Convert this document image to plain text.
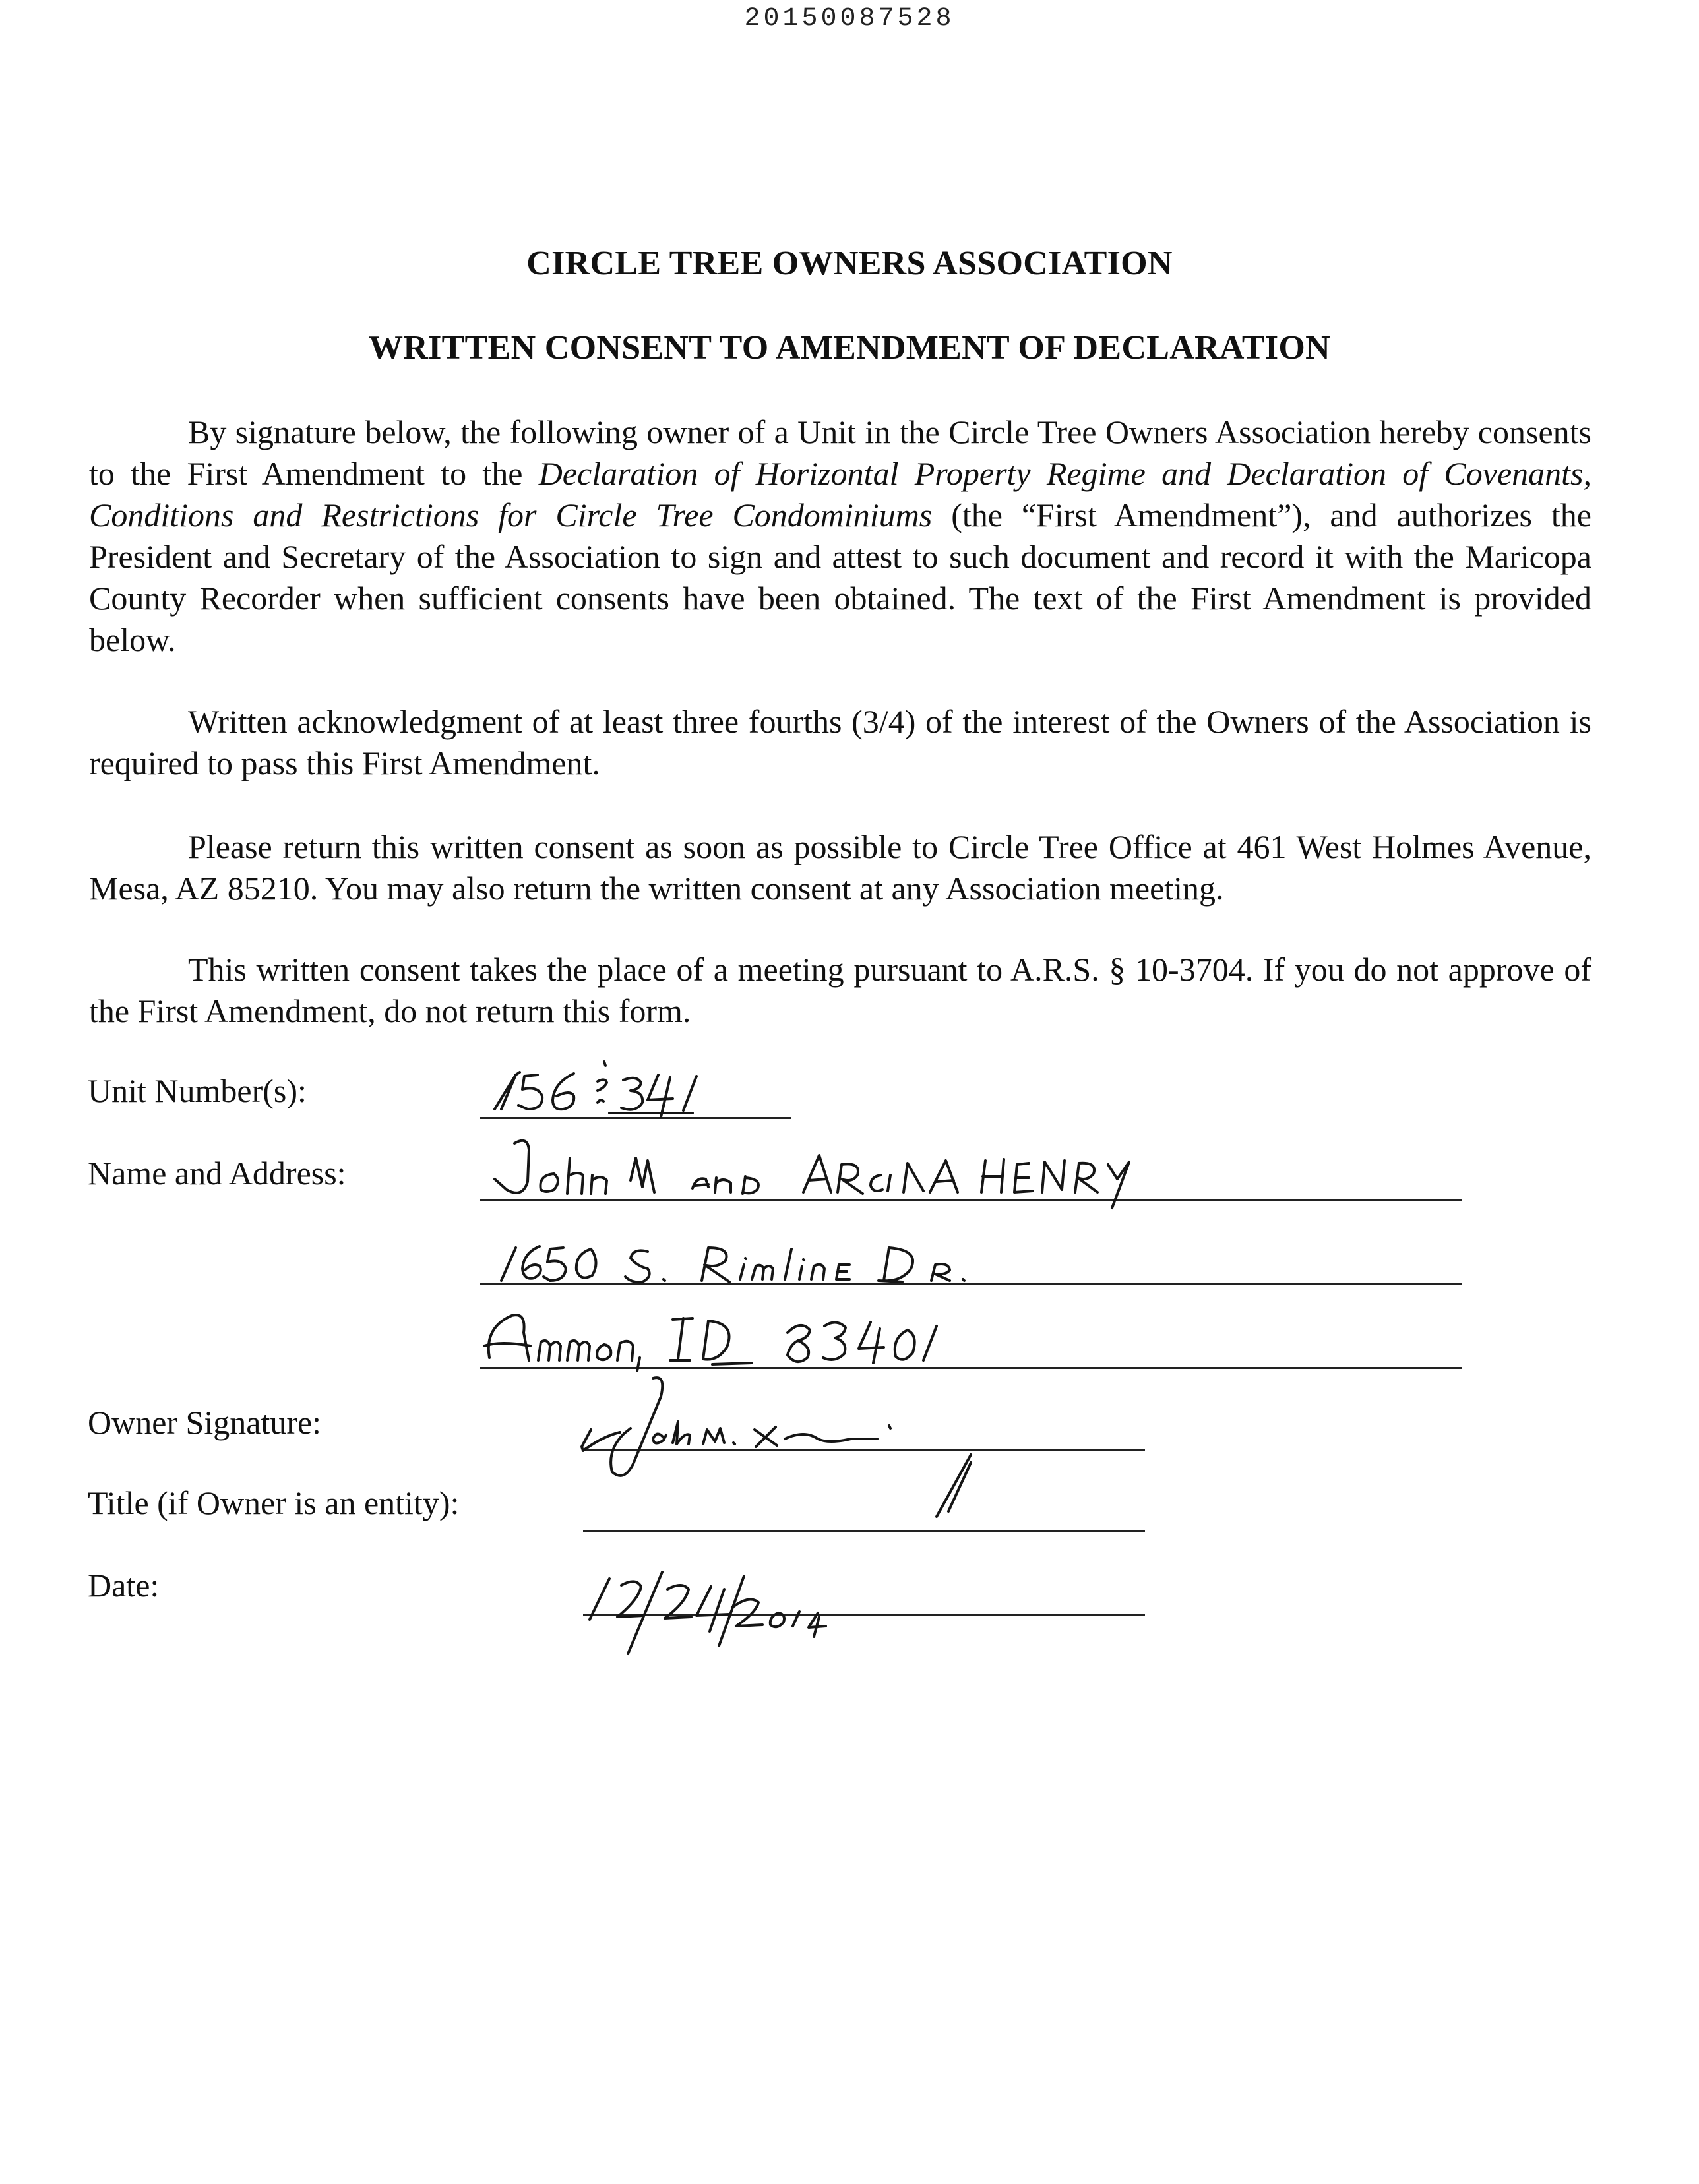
20150087528
CIRCLE TREE OWNERS ASSOCIATION
WRITTEN CONSENT TO AMENDMENT OF DECLARATION
By signature below, the following owner of a Unit in the Circle Tree Owners Association hereby consents to the First Amendment to the Declaration of Horizontal Property Regime and Declaration of Covenants, Conditions and Restrictions for Circle Tree Condominiums (the “First Amendment”), and authorizes the President and Secretary of the Association to sign and attest to such document and record it with the Maricopa County Recorder when sufficient consents have been obtained. The text of the First Amendment is provided below.
Written acknowledgment of at least three fourths (3/4) of the interest of the Owners of the Association is required to pass this First Amendment.
Please return this written consent as soon as possible to Circle Tree Office at 461 West Holmes Avenue, Mesa, AZ 85210. You may also return the written consent at any Association meeting.
This written consent takes the place of a meeting pursuant to A.R.S. § 10-3704. If you do not approve of the First Amendment, do not return this form.
Unit Number(s):
Name and Address:
Owner Signature:
Title (if Owner is an entity):
Date:
